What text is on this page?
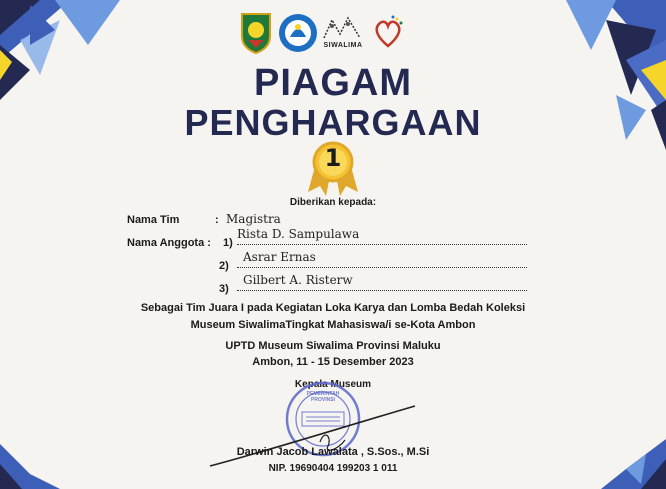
SIWALIMA
PIAGAM
PENGHARGAAN
1
Diberikan kepada:
Nama Tim	: Magistra
Nama Anggota : 1)
Rista D. Sampulawa
2)
Asrar Ernas
3)
Gilbert A. Risterw
Sebagai Tim Juara I pada Kegiatan Loka Karya dan Lomba Bedah Koleksi
Museum SiwalimaTingkat Mahasiswa/i se-Kota Ambon
UPTD Museum Siwalima Provinsi Maluku
Ambon, 11 - 15 Desember 2023
Kepala Museum
PEMERINTAH PROVINSI
Darwin Jacob Lawalata , S.Sos., M.Si
NIP. 19690404 199203 1 011
